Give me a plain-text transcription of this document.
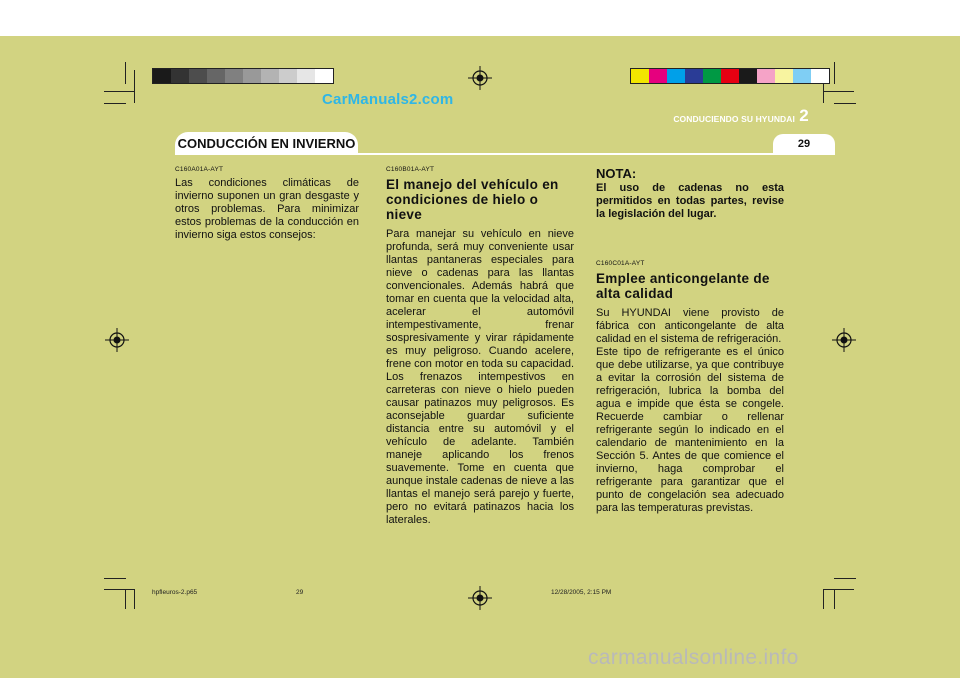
CarManuals2.com
CONDUCCIÓN EN INVIERNO
CONDUCIENDO SU HYUNDAI 2
29
C160A01A-AYT

Las condiciones climáticas de invierno suponen un gran desgaste y otros problemas. Para minimizar estos problemas de la conducción en invierno siga estos consejos:

C160B01A-AYT
El manejo del vehículo en condiciones de hielo o nieve

Para manejar su vehículo en nieve profunda, será muy conveniente usar llantas pantaneras especiales para nieve o cadenas para las llantas convencionales. Además habrá que tomar en cuenta que la velocidad alta, acelerar el automóvil intempestivamente, frenar sospresivamente y virar rápidamente es muy peligroso. Cuando acelere, frene con motor en toda su capacidad. Los frenazos intempestivos en carreteras con nieve o hielo pueden causar patinazos muy peligrosos. Es aconsejable guardar suficiente distancia entre su automóvil y el vehículo de adelante. También maneje aplicando los frenos suavemente. Tome en cuenta que aunque instale cadenas de nieve a las llantas el manejo será parejo y fuerte, pero no evitará patinazos hacia los laterales.

NOTA:

El uso de cadenas no esta permitidos en todas partes, revise la legislación del lugar.

C160C01A-AYT
Emplee anticongelante de alta calidad

Su HYUNDAI viene provisto de fábrica con anticongelante de alta calidad en el sistema de refrigeración.

Este tipo de refrigerante es el único que debe utilizarse, ya que contribuye a evitar la corrosión del sistema de refrigeración, lubrica la bomba del agua e impide que ésta se congele. Recuerde cambiar o rellenar refrigerante según lo indicado en el calendario de mantenimiento en la Sección 5. Antes de que comience el invierno, haga comprobar el refrigerante para garantizar que el punto de congelación sea adecuado para las temperaturas previstas.

hpfleuros-2.p65	29	12/28/2005, 2:15 PM
carmanualsonline.info
